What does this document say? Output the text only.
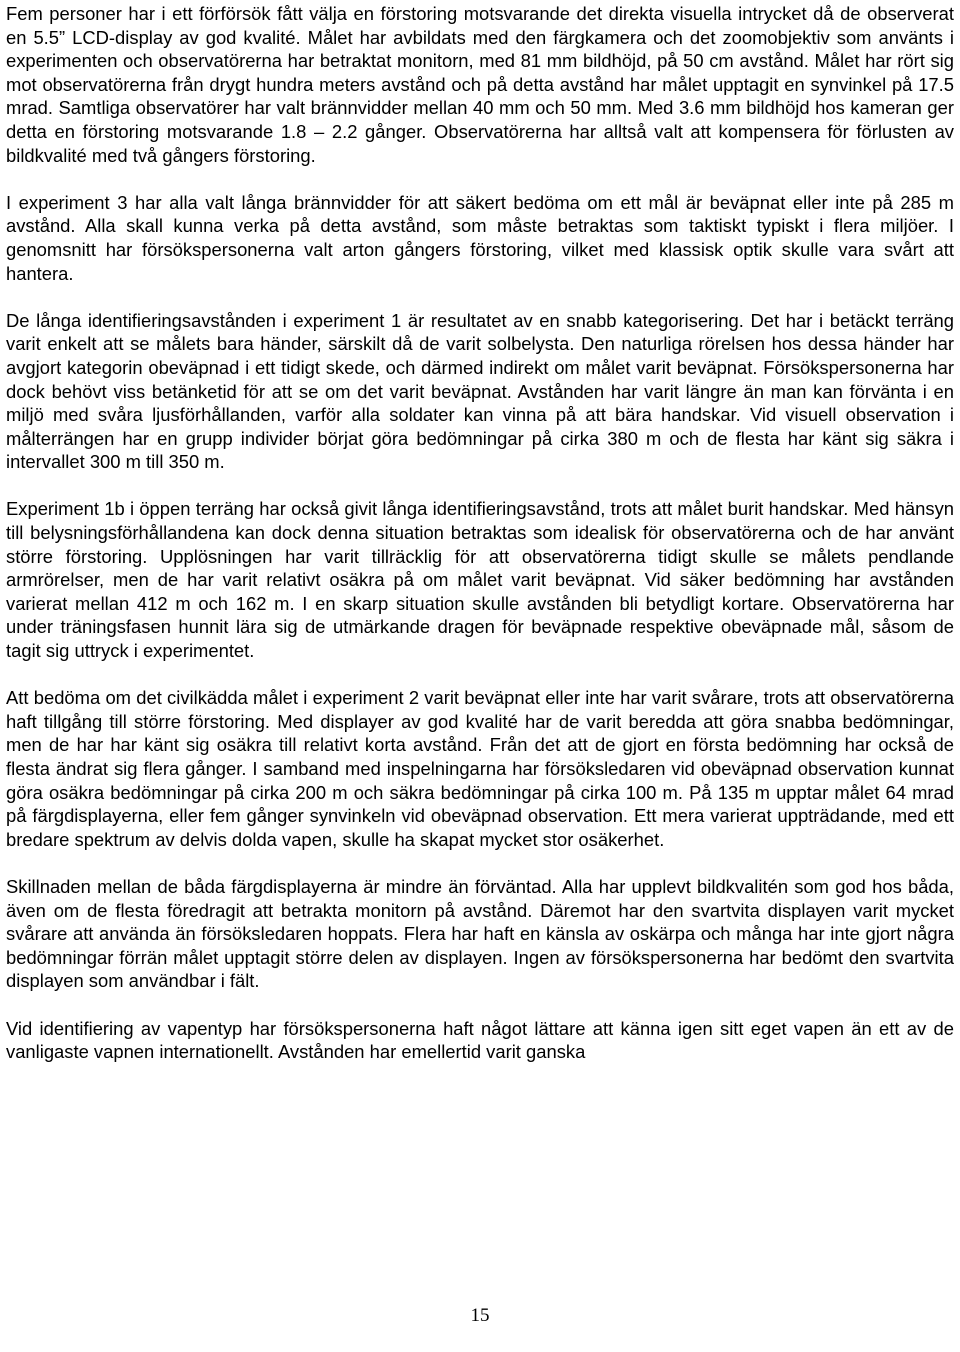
Fem personer har i ett förförsök fått välja en förstoring motsvarande det direkta visuella intrycket då de observerat en 5.5” LCD-display av god kvalité. Målet har avbildats med den färgkamera och det zoomobjektiv som använts i experimenten och observatörerna har betraktat monitorn, med 81 mm bildhöjd, på 50 cm avstånd. Målet har rört sig mot observatörerna från drygt hundra meters avstånd och på detta avstånd har målet upptagit en synvinkel på 17.5 mrad. Samtliga observatörer har valt brännvidder mellan 40 mm och 50 mm. Med 3.6 mm bildhöjd hos kameran ger detta en förstoring motsvarande 1.8 – 2.2 gånger. Observatörerna har alltså valt att kompensera för förlusten av bildkvalité med två gångers förstoring.

I experiment 3 har alla valt långa brännvidder för att säkert bedöma om ett mål är beväpnat eller inte på 285 m avstånd. Alla skall kunna verka på detta avstånd, som måste betraktas som taktiskt typiskt i flera miljöer. I genomsnitt har försökspersonerna valt arton gångers förstoring, vilket med klassisk optik skulle vara svårt att hantera.

De långa identifieringsavstånden i experiment 1 är resultatet av en snabb kategorisering. Det har i betäckt terräng varit enkelt att se målets bara händer, särskilt då de varit solbelysta. Den naturliga rörelsen hos dessa händer har avgjort kategorin obeväpnad i ett tidigt skede, och därmed indirekt om målet varit beväpnat. Försökspersonerna har dock behövt viss betänketid för att se om det varit beväpnat. Avstånden har varit längre än man kan förvänta i en miljö med svåra ljusförhållanden, varför alla soldater kan vinna på att bära handskar. Vid visuell observation i målterrängen har en grupp individer börjat göra bedömningar på cirka 380 m och de flesta har känt sig säkra i intervallet 300 m till 350 m.

Experiment 1b i öppen terräng har också givit långa identifieringsavstånd, trots att målet burit handskar. Med hänsyn till belysningsförhållandena kan dock denna situation betraktas som idealisk för observatörerna och de har använt större förstoring. Upplösningen har varit tillräcklig för att observatörerna tidigt skulle se målets pendlande armrörelser, men de har varit relativt osäkra på om målet varit beväpnat. Vid säker bedömning har avstånden varierat mellan 412 m och 162 m. I en skarp situation skulle avstånden bli betydligt kortare. Observatörerna har under träningsfasen hunnit lära sig de utmärkande dragen för beväpnade respektive obeväpnade mål, såsom de tagit sig uttryck i experimentet.

Att bedöma om det civilkädda målet i experiment 2 varit beväpnat eller inte har varit svårare, trots att observatörerna haft tillgång till större förstoring. Med displayer av god kvalité har de varit beredda att göra snabba bedömningar, men de har har känt sig osäkra till relativt korta avstånd. Från det att de gjort en första bedömning har också de flesta ändrat sig flera gånger. I samband med inspelningarna har försöksledaren vid obeväpnad observation kunnat göra osäkra bedömningar på cirka 200 m och säkra bedömningar på cirka 100 m. På 135 m upptar målet 64 mrad på färgdisplayerna, eller fem gånger synvinkeln vid obeväpnad observation. Ett mera varierat uppträdande, med ett bredare spektrum av delvis dolda vapen, skulle ha skapat mycket stor osäkerhet.

Skillnaden mellan de båda färgdisplayerna är mindre än förväntad. Alla har upplevt bildkvalitén som god hos båda, även om de flesta föredragit att betrakta monitorn på avstånd. Däremot har den svartvita displayen varit mycket svårare att använda än försöksledaren hoppats. Flera har haft en känsla av oskärpa och många har inte gjort några bedömningar förrän målet upptagit större delen av displayen. Ingen av försökspersonerna har bedömt den svartvita displayen som användbar i fält.

Vid identifiering av vapentyp har försökspersonerna haft något lättare att känna igen sitt eget vapen än ett av de vanligaste vapnen internationellt. Avstånden har emellertid varit ganska

15
